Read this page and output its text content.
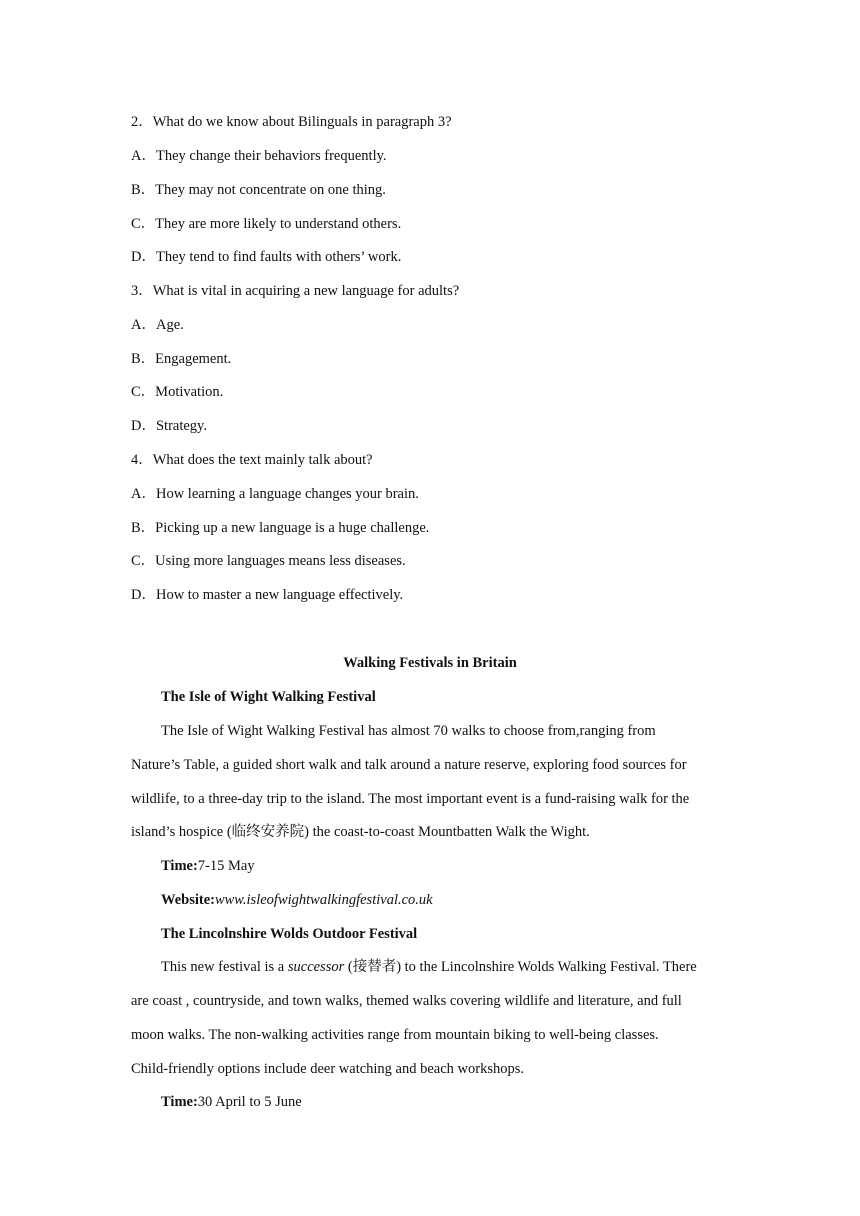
2．What do we know about Bilinguals in paragraph 3?
A．They change their behaviors frequently.
B．They may not concentrate on one thing.
C．They are more likely to understand others.
D．They tend to find faults with others’ work.
3．What is vital in acquiring a new language for adults?
A．Age.
B．Engagement.
C．Motivation.
D．Strategy.
4．What does the text mainly talk about?
A．How learning a language changes your brain.
B．Picking up a new language is a huge challenge.
C．Using more languages means less diseases.
D．How to master a new language effectively.
Walking Festivals in Britain
The Isle of Wight Walking Festival
The Isle of Wight Walking Festival has almost 70 walks to choose from,ranging from
Nature’s Table, a guided short walk and talk around a nature reserve, exploring food sources for
wildlife, to a three-day trip to the island. The most important event is a fund-raising walk for the
island’s hospice (临终安养院) the coast-to-coast Mountbatten Walk the Wight.
Time:7-15 May
Website:www.isleofwightwalkingfestival.co.uk
The Lincolnshire Wolds Outdoor Festival
This new festival is a successor (接替者) to the Lincolnshire Wolds Walking Festival. There
are coast , countryside, and town walks, themed walks covering wildlife and literature, and full
moon walks. The non-walking activities range from mountain biking to well-being classes.
Child-friendly options include deer watching and beach workshops.
Time:30 April to 5 June
